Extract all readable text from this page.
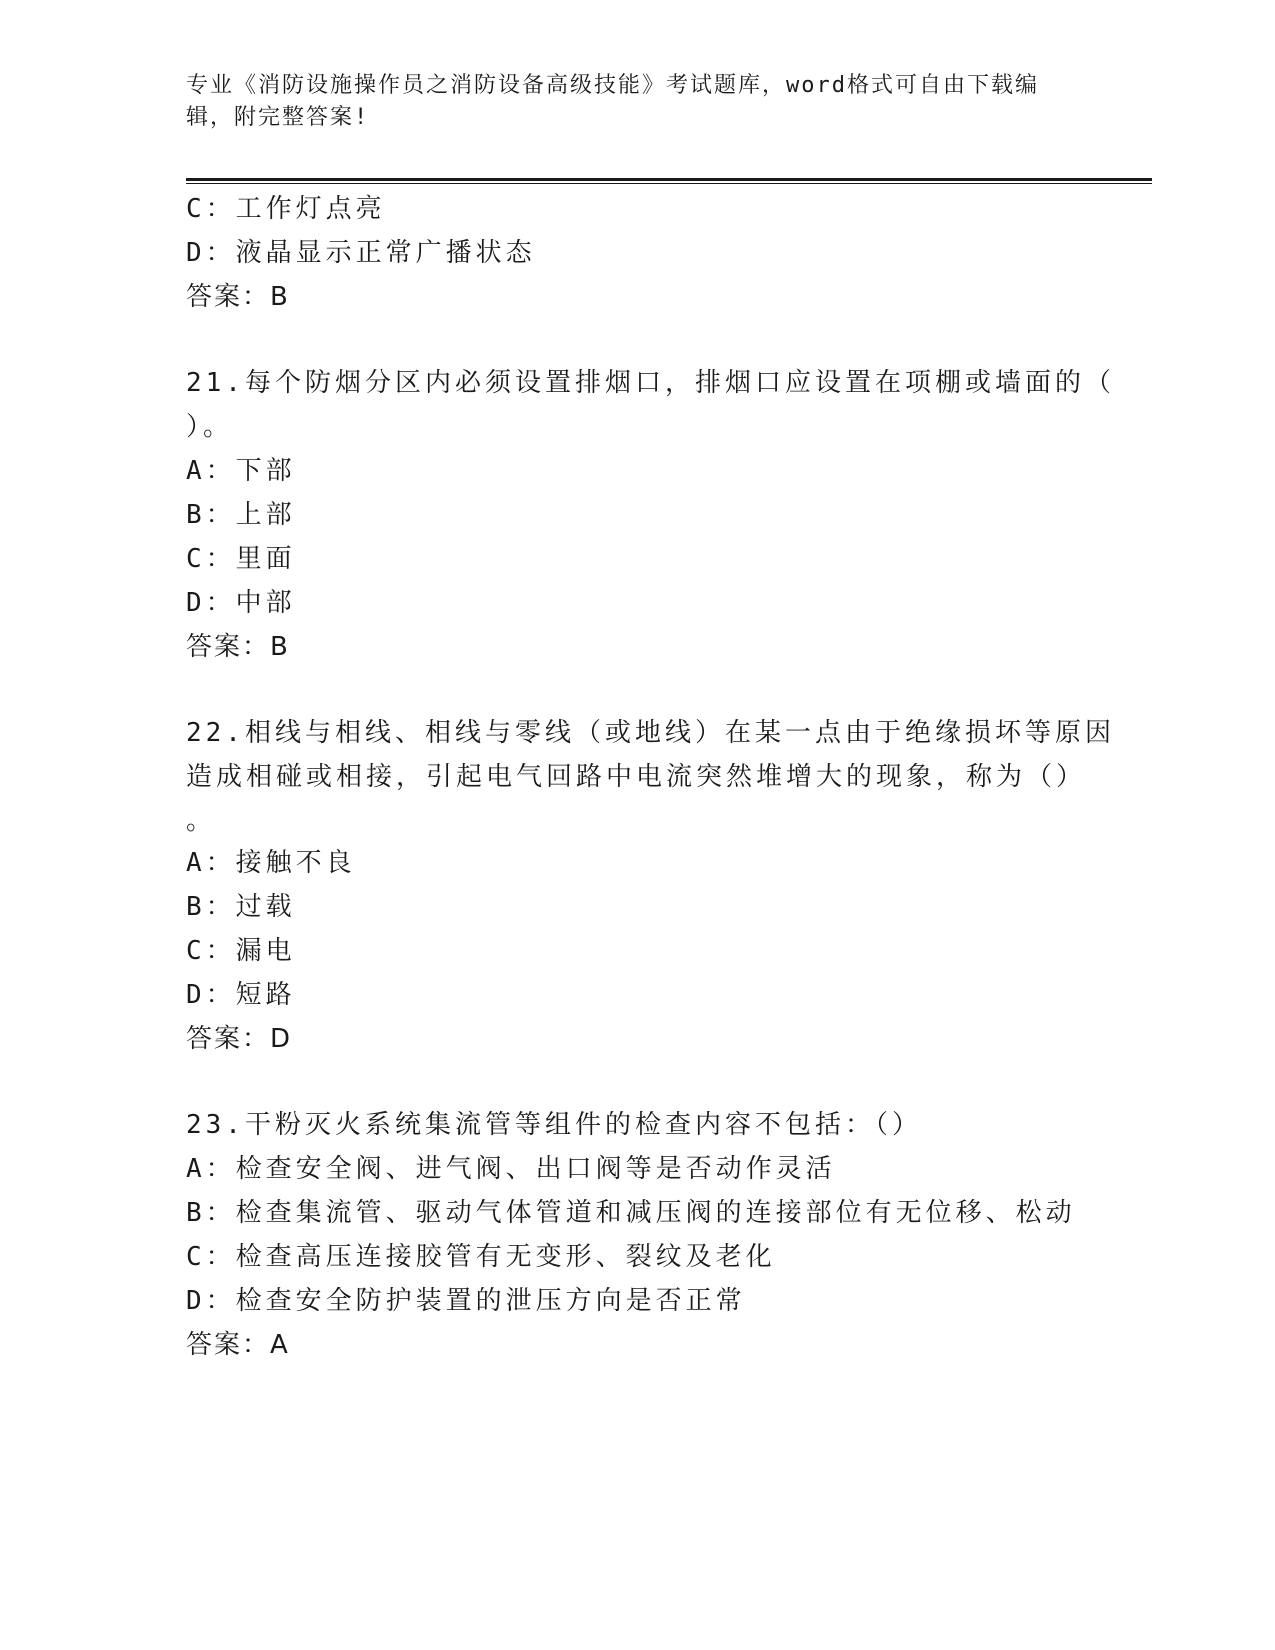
专业《消防设施操作员之消防设备高级技能》考试题库，word格式可自由下载编
辑，附完整答案!
C：工作灯点亮
D：液晶显示正常广播状态
答案：B
21.每个防烟分区内必须设置排烟口，排烟口应设置在项棚或墙面的（
）。
A：下部
B：上部
C：里面
D：中部
答案：B
22.相线与相线、相线与零线（或地线）在某一点由于绝缘损坏等原因
造成相碰或相接，引起电气回路中电流突然堆增大的现象，称为（）
。
A：接触不良
B：过载
C：漏电
D：短路
答案：D
23.干粉灭火系统集流管等组件的检查内容不包括：（）
A：检查安全阀、进气阀、出口阀等是否动作灵活
B：检查集流管、驱动气体管道和减压阀的连接部位有无位移、松动
C：检查高压连接胶管有无变形、裂纹及老化
D：检查安全防护装置的泄压方向是否正常
答案：A
